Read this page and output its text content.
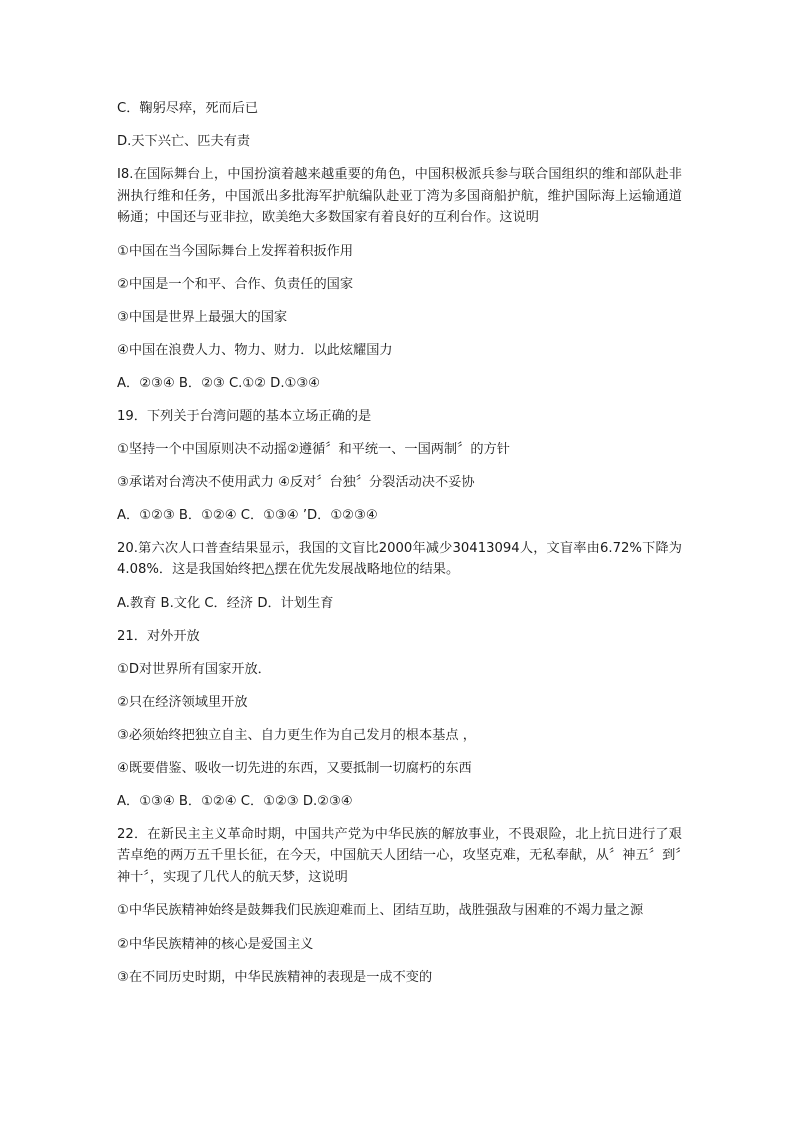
C．鞠躬尽瘁，死而后已

D.天下兴亡、匹夫有责

I8.在国际舞台上，中国扮演着越来越重要的角色，中国积极派兵参与联合国组织的维和部队赴非洲执行维和任务，中国派出多批海军护航编队赴亚丁湾为多国商船护航，维护国际海上运输通道畅通；中国还与亚非拉，欧美绝大多数国家有着良好的互利台作。这说明

①中国在当今国际舞台上发挥着积扳作用

②中国是一个和平、合作、负责任的国家

③中国是世界上最强大的国家

④中国在浪费人力、物力、财力．以此炫耀国力

A．②③④ B．②③ C.①② D.①③④

19．下列关于台湾问题的基本立场正确的是

①坚持一个中国原则决不动摇②遵循〞和平统一、一国两制〞的方针

③承诺对台湾决不使用武力 ④反对〞台独〞分裂活动决不妥协

A．①②③ B．①②④ C．①③④ ’D．①②③④

20.第六次人口普查结果显示，我国的文盲比2000年减少30413094人，文盲率由6.72%下降为4.08%．这是我国始终把△摆在优先发展战略地位的结果。

A.教育 B.文化 C．经济 D．计划生育

21．对外开放

①D对世界所有国家开放．

②只在经济领域里开放

③必须始终把独立自主、自力更生作为自己发月的根本基点 ，

④既要借鉴、吸收一切先进的东西，又要抵制一切腐朽的东西

A．①③④ B．①②④ C．①②③ D.②③④

22．在新民主主义革命时期，中国共产党为中华民族的解放事业，不畏艰险，北上抗日进行了艰苦卓绝的两万五千里长征，在今天，中国航天人团结一心，攻坚克难，无私奉献，从〞神五〞到〞神十〞，实现了几代人的航天梦，这说明

①中华民族精神始终是鼓舞我们民族迎难而上、团结互助，战胜强敌与困难的不竭力量之源

②中华民族精神的核心是爱国主义

③在不同历史时期，中华民族精神的表现是一成不变的
